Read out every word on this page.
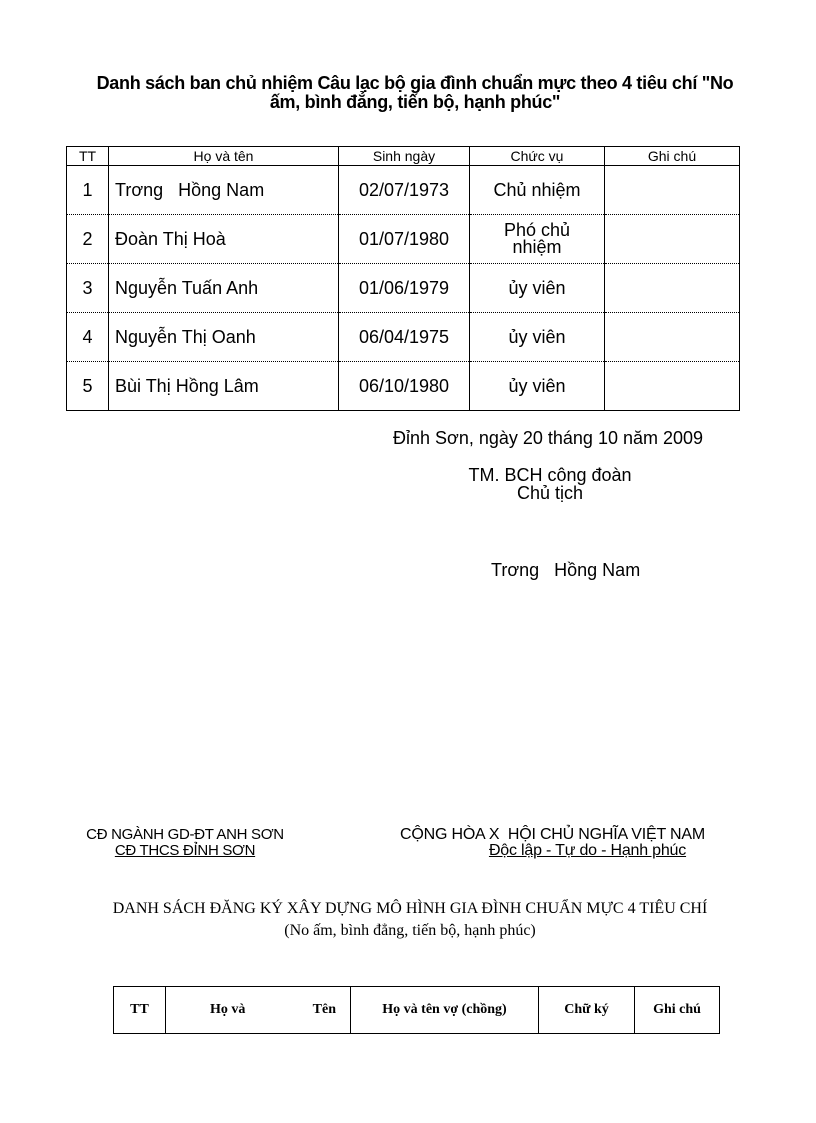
Danh sách ban chủ nhiệm Câu lạc bộ gia đình chuẩn mực theo 4 tiêu chí "No
ấm, bình đẳng, tiến bộ, hạnh phúc"
TT	Họ và tên	Sinh ngày	Chức vụ	Ghi chú
1	Trơng   Hồng Nam	02/07/1973	Chủ nhiệm	
2	Đoàn Thị Hoà	01/07/1980	Phó chủ nhiệm	
3	Nguyễn Tuấn Anh	01/06/1979	ủy viên	
4	Nguyễn Thị Oanh	06/04/1975	ủy viên	
5	Bùi Thị Hồng Lâm	06/10/1980	ủy viên	
Đỉnh Sơn, ngày 20 tháng 10 năm 2009
TM. BCH công đoàn
Chủ tịch
Trơng   Hồng Nam
CĐ NGÀNH GD-ĐT ANH SƠN
CĐ THCS ĐỈNH SƠN
CỘNG HÒA X  HỘI CHỦ NGHĨA VIỆT NAM
Độc lập - Tự do - Hạnh phúc
DANH SÁCH ĐĂNG KÝ XÂY DỰNG MÔ HÌNH GIA ĐÌNH CHUẨN MỰC 4 TIÊU CHÍ
(No ấm, bình đẳng, tiến bộ, hạnh phúc)
TT	Họ và	Tên	Họ và tên vợ (chồng)	Chữ ký	Ghi chú
